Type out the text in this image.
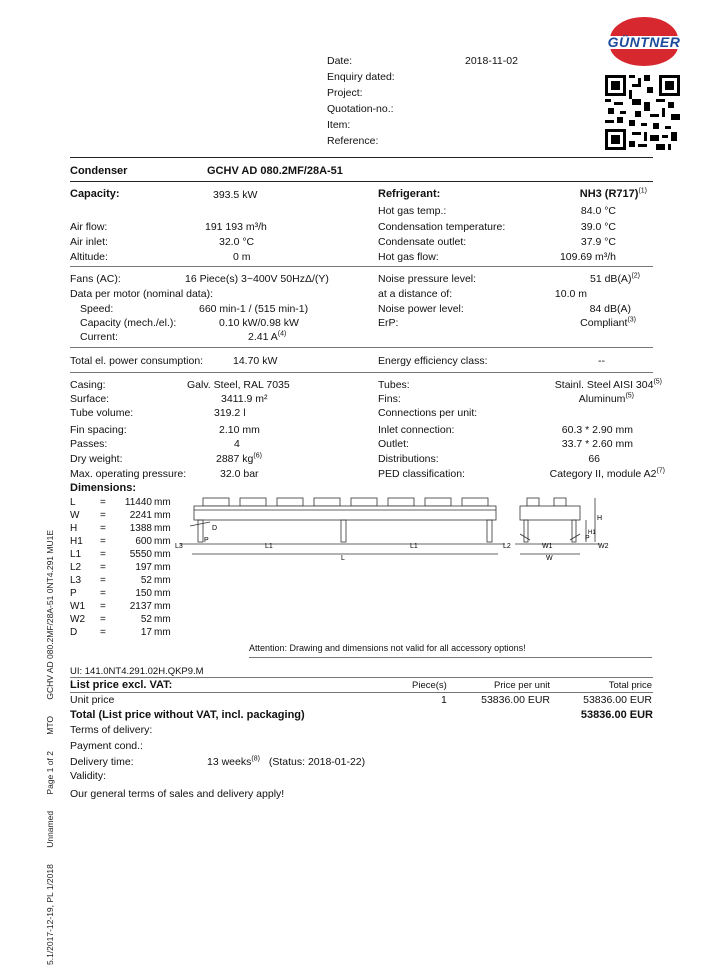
5.1/2017-12-19, PL 1/2018 Unnamed Page 1 of 2 MTO GCHV AD 080.2MF/28A-51 0NT4.291 MU1E
GÜNTNER
Date:	2018-11-02
Enquiry dated:
Project:
Quotation-no.:
Item:
Reference:
Condenser	GCHV AD 080.2MF/28A-51
Capacity:	393.5 kW	Refrigerant:	NH3 $(R717)^{(1)}$
Air flow:	191 193 m³/h
Air inlet:	32.0 °C
Altitude:	0 m
Hot gas temp.:	84.0 °C
Condensation temperature:	39.0 °C
Condensate outlet:	37.9 °C
Hot gas flow:	109.69 m³/h
Fans (AC):	16 Piece(s) 3~400V 50HzΔ/(Y)
Data per motor (nominal data):
Speed:	660 min-1 / (515 min-1)
Capacity (mech./el.):	0.10 kW/0.98 kW
Current:	2.41 $A^{(4)}$
Noise pressure level:	51 $dB(A)^{(2)}$
at a distance of:	10.0 m
Noise power level:	84 dB(A)
ErP:	Compliant$^{(3)}$
Total el. power consumption:	14.70 kW	Energy efficiency class:	--
Casing:	Galv. Steel, RAL 7035
Surface:	3411.9 m²
Tube volume:	319.2 l
Fin spacing:	2.10 mm
Passes:	4
Dry weight:	2887 $kg^{(6)}$
Max. operating pressure:	32.0 bar
Tubes:	Stainl. Steel AISI 304$^{(5)}$
Fins:	Aluminum$^{(5)}$
Connections per unit:
Inlet connection:	60.3 * 2.90 mm
Outlet:	33.7 * 2.60 mm
Distributions:	66
PED classification:	Category II, module A2$^{(7)}$
Dimensions:
L = 11440 mm
W = 2241 mm
H = 1388 mm
H1 =	600 mm
L1 = 5550 mm
L2 =	197 mm
L3 =	52 mm
P =	150 mm
W1 = 2137 mm
W2 =	52 mm
D =	17 mm
D
L3
P
L1	L1	L2
L
W1
P
W2
W
H
H1
Attention: Drawing and dimensions not valid for all accessory options!
UI: 141.0NT4.291.02H.QKP9.M
List price excl. VAT:	Piece(s)	Price per unit	Total price
Unit price	1	53836.00 EUR	53836.00 EUR
Total (List price without VAT, incl. packaging)	53836.00 EUR
Terms of delivery:
Payment cond.:
Delivery time:	13 weeks$^{(8)}$ (Status: 2018-01-22)
Validity:
Our general terms of sales and delivery apply!
